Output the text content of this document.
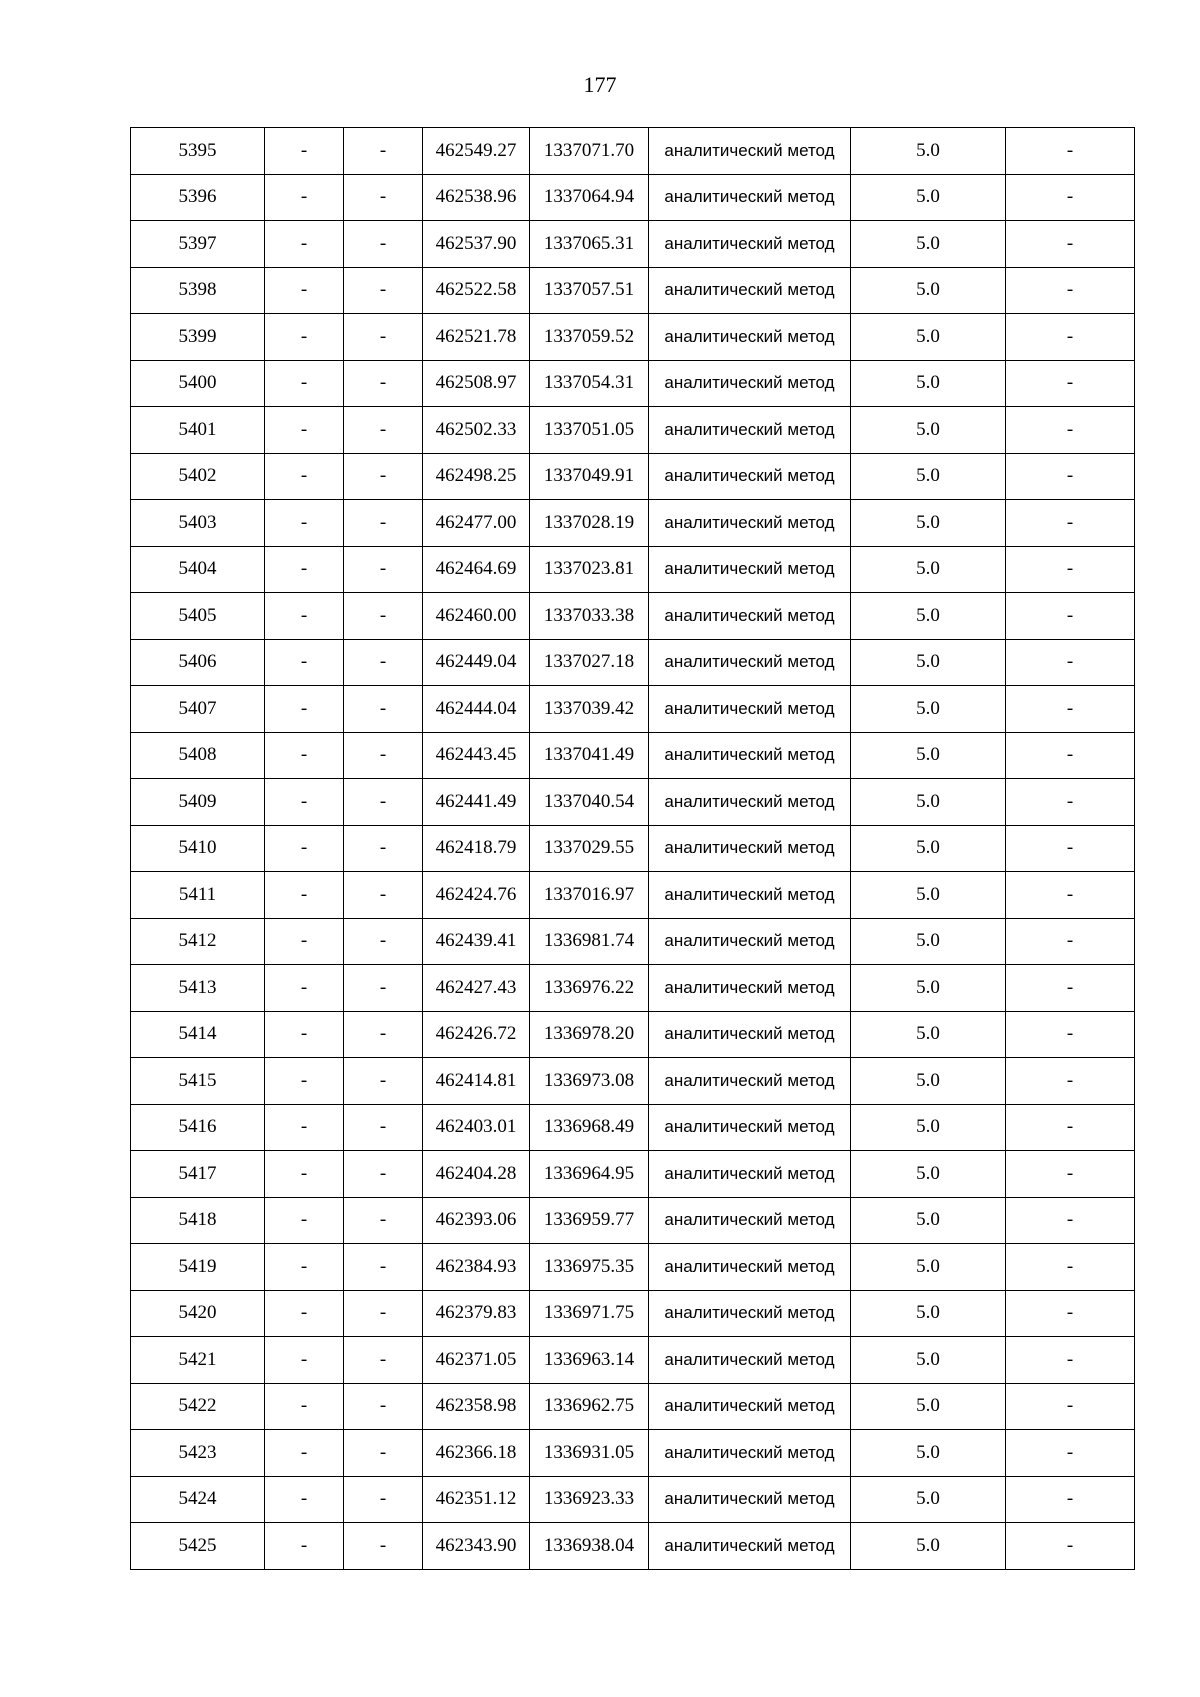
177
5395	-	-	462549.27	1337071.70	аналитический метод	5.0	-
5396	-	-	462538.96	1337064.94	аналитический метод	5.0	-
5397	-	-	462537.90	1337065.31	аналитический метод	5.0	-
5398	-	-	462522.58	1337057.51	аналитический метод	5.0	-
5399	-	-	462521.78	1337059.52	аналитический метод	5.0	-
5400	-	-	462508.97	1337054.31	аналитический метод	5.0	-
5401	-	-	462502.33	1337051.05	аналитический метод	5.0	-
5402	-	-	462498.25	1337049.91	аналитический метод	5.0	-
5403	-	-	462477.00	1337028.19	аналитический метод	5.0	-
5404	-	-	462464.69	1337023.81	аналитический метод	5.0	-
5405	-	-	462460.00	1337033.38	аналитический метод	5.0	-
5406	-	-	462449.04	1337027.18	аналитический метод	5.0	-
5407	-	-	462444.04	1337039.42	аналитический метод	5.0	-
5408	-	-	462443.45	1337041.49	аналитический метод	5.0	-
5409	-	-	462441.49	1337040.54	аналитический метод	5.0	-
5410	-	-	462418.79	1337029.55	аналитический метод	5.0	-
5411	-	-	462424.76	1337016.97	аналитический метод	5.0	-
5412	-	-	462439.41	1336981.74	аналитический метод	5.0	-
5413	-	-	462427.43	1336976.22	аналитический метод	5.0	-
5414	-	-	462426.72	1336978.20	аналитический метод	5.0	-
5415	-	-	462414.81	1336973.08	аналитический метод	5.0	-
5416	-	-	462403.01	1336968.49	аналитический метод	5.0	-
5417	-	-	462404.28	1336964.95	аналитический метод	5.0	-
5418	-	-	462393.06	1336959.77	аналитический метод	5.0	-
5419	-	-	462384.93	1336975.35	аналитический метод	5.0	-
5420	-	-	462379.83	1336971.75	аналитический метод	5.0	-
5421	-	-	462371.05	1336963.14	аналитический метод	5.0	-
5422	-	-	462358.98	1336962.75	аналитический метод	5.0	-
5423	-	-	462366.18	1336931.05	аналитический метод	5.0	-
5424	-	-	462351.12	1336923.33	аналитический метод	5.0	-
5425	-	-	462343.90	1336938.04	аналитический метод	5.0	-
